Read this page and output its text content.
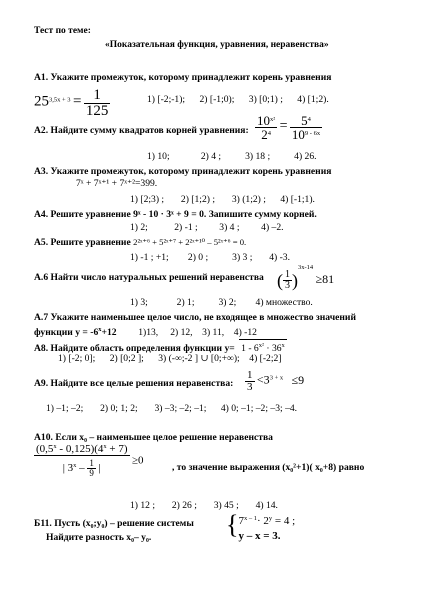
Тест по теме:
«Показательная функция, уравнения, неравенства»
А1. Укажите промежуток, которому принадлежит корень уравнения
$25^{3,5x + 3} = \frac{1}{125}$	1) [-2;-1); 2) [-1;0); 3) [0;1) ; 4) [1;2).
А2. Найдите сумму квадратов корней уравнения: $\frac{10^{x^2}}{2^4} = \frac{5^4}{10^{9 - 6x}}$
1) 10;	2) 4 ; 3) 18 ; 4) 26.
А3. Укажите промежуток, которому принадлежит корень уравнения
7ˣ + 7ˣ⁺¹ + 7ˣ⁺²=399.
1) [2;3) ; 2) [1;2) ; 3) (1;2) ; 4) [-1;1).
А4. Решите уравнение 9ˣ - 10 · 3ˣ + 9 = 0. Запишите сумму корней.
1) 2;	2) -1 ; 3) 4 ; 4) –2.
А5. Решите уравнение 2²ˣ⁺⁶ + 5²ˣ⁺⁷ + 2²ˣ⁺¹⁰ – 5²ˣ⁺⁶ = 0.
1) -1 ; +1; 2) 0 ; 3) 3 ; 4) -3.
А.6 Найти число натуральных решений неравенства ( $\frac{1}{3} )^{3x-14} \ge 81$
1) 3;	2) 1; 3) 2; 4) множество.
А.7 Укажите наименьшее целое число, не входящее в множество значений
функции $у = -6^x+12$ 1)13, 2) 12, 3) 11, 4) -12
А8. Найдите область определения функции $у= 1 - 6^{x^2} \cdot 36^x$
1) [-2; 0]; 2) [0;2 ]; 3) (-∞;-2 ] ∪ [0;+∞); 4) [-2;2]
А9. Найдите все целые решения неравенства: $\frac{1}{3} <3^{3 + x} \le 9$
1) –1; –2; 2) 0; 1; 2; 3) –3; –2; –1; 4) 0; –1; –2; –3; –4.
А10. Если x₀ – наименьшее целое решение неравенства
$\frac{(0,5^x - 0,125)(4^x + 7)}{| 3^x - \frac{1}{9} |} \ge 0$
, то значение выражения (x₀²+1)( x₀+8) равно
1) 12 ; 2) 26 ; 3) 45 ; 4) 14.
Б11. Пусть (x₀;y₀) – решение системы
Найдите разность x₀– y₀.	{ $7^{x - 1}\cdot 2^y = 4$ ;
y – x = 3.
